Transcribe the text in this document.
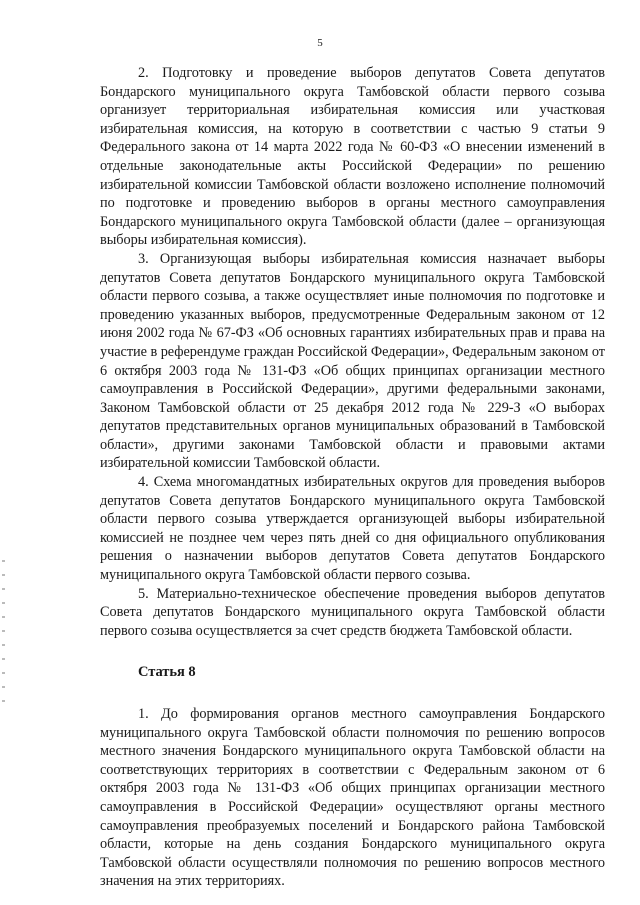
5

2. Подготовку и проведение выборов депутатов Совета депутатов Бондарского муниципального округа Тамбовской области первого созыва организует территориальная избирательная комиссия или участковая избирательная комиссия, на которую в соответствии с частью 9 статьи 9 Федерального закона от 14 марта 2022 года № 60-ФЗ «О внесении изменений в отдельные законодательные акты Российской Федерации» по решению избирательной комиссии Тамбовской области возложено исполнение полномочий по подготовке и проведению выборов в органы местного самоуправления Бондарского муниципального округа Тамбовской области (далее – организующая выборы избирательная комиссия).

3. Организующая выборы избирательная комиссия назначает выборы депутатов Совета депутатов Бондарского муниципального округа Тамбовской области первого созыва, а также осуществляет иные полномочия по подготовке и проведению указанных выборов, предусмотренные Федеральным законом от 12 июня 2002 года № 67-ФЗ «Об основных гарантиях избирательных прав и права на участие в референдуме граждан Российской Федерации», Федеральным законом от 6 октября 2003 года № 131-ФЗ «Об общих принципах организации местного самоуправления в Российской Федерации», другими федеральными законами, Законом Тамбовской области от 25 декабря 2012 года № 229-З «О выборах депутатов представительных органов муниципальных образований в Тамбовской области», другими законами Тамбовской области и правовыми актами избирательной комиссии Тамбовской области.

4. Схема многомандатных избирательных округов для проведения выборов депутатов Совета депутатов Бондарского муниципального округа Тамбовской области первого созыва утверждается организующей выборы избирательной комиссией не позднее чем через пять дней со дня официального опубликования решения о назначении выборов депутатов Совета депутатов Бондарского муниципального округа Тамбовской области первого созыва.

5. Материально-техническое обеспечение проведения выборов депутатов Совета депутатов Бондарского муниципального округа Тамбовской области первого созыва осуществляется за счет средств бюджета Тамбовской области.

Статья 8

1. До формирования органов местного самоуправления Бондарского муниципального округа Тамбовской области полномочия по решению вопросов местного значения Бондарского муниципального округа Тамбовской области на соответствующих территориях в соответствии с Федеральным законом от 6 октября 2003 года № 131-ФЗ «Об общих принципах организации местного самоуправления в Российской Федерации» осуществляют органы местного самоуправления преобразуемых поселений и Бондарского района Тамбовской области, которые на день создания Бондарского муниципального округа Тамбовской области осуществляли полномочия по решению вопросов местного значения на этих территориях.
